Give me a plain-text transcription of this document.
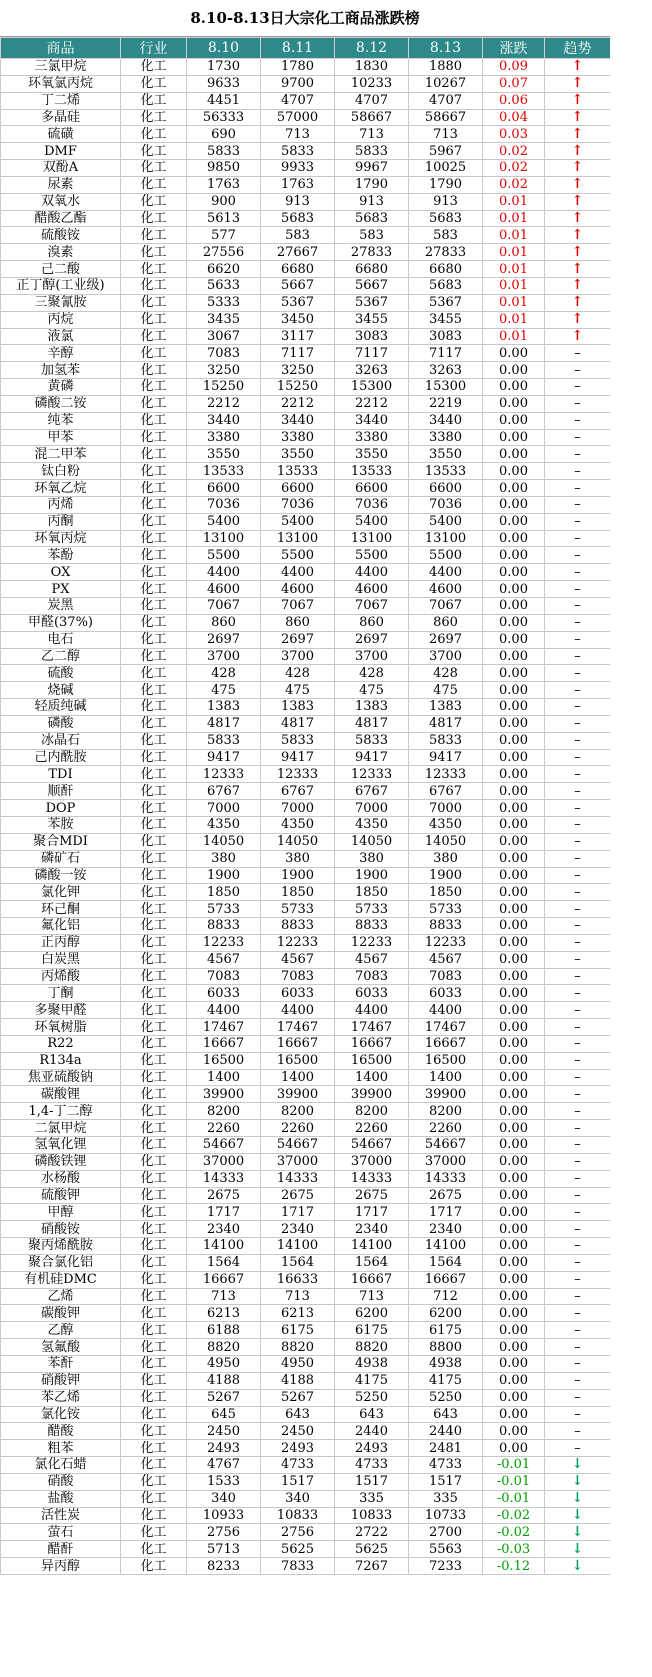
8.10-8.13日大宗化工商品涨跌榜
商品	行业	8.10	8.11	8.12	8.13	涨跌	趋势
三氯甲烷	化工	1730	1780	1830	1880	0.09	↑
环氧氯丙烷	化工	9633	9700	10233	10267	0.07	↑
丁二烯	化工	4451	4707	4707	4707	0.06	↑
多晶硅	化工	56333	57000	58667	58667	0.04	↑
硫磺	化工	690	713	713	713	0.03	↑
DMF	化工	5833	5833	5833	5967	0.02	↑
双酚A	化工	9850	9933	9967	10025	0.02	↑
尿素	化工	1763	1763	1790	1790	0.02	↑
双氧水	化工	900	913	913	913	0.01	↑
醋酸乙酯	化工	5613	5683	5683	5683	0.01	↑
硫酸铵	化工	577	583	583	583	0.01	↑
溴素	化工	27556	27667	27833	27833	0.01	↑
己二酸	化工	6620	6680	6680	6680	0.01	↑
正丁醇(工业级)	化工	5633	5667	5667	5683	0.01	↑
三聚氰胺	化工	5333	5367	5367	5367	0.01	↑
丙烷	化工	3435	3450	3455	3455	0.01	↑
液氯	化工	3067	3117	3083	3083	0.01	↑
辛醇	化工	7083	7117	7117	7117	0.00	–
加氢苯	化工	3250	3250	3263	3263	0.00	–
黄磷	化工	15250	15250	15300	15300	0.00	–
磷酸二铵	化工	2212	2212	2212	2219	0.00	–
纯苯	化工	3440	3440	3440	3440	0.00	–
甲苯	化工	3380	3380	3380	3380	0.00	–
混二甲苯	化工	3550	3550	3550	3550	0.00	–
钛白粉	化工	13533	13533	13533	13533	0.00	–
环氧乙烷	化工	6600	6600	6600	6600	0.00	–
丙烯	化工	7036	7036	7036	7036	0.00	–
丙酮	化工	5400	5400	5400	5400	0.00	–
环氧丙烷	化工	13100	13100	13100	13100	0.00	–
苯酚	化工	5500	5500	5500	5500	0.00	–
OX	化工	4400	4400	4400	4400	0.00	–
PX	化工	4600	4600	4600	4600	0.00	–
炭黑	化工	7067	7067	7067	7067	0.00	–
甲醛(37%)	化工	860	860	860	860	0.00	–
电石	化工	2697	2697	2697	2697	0.00	–
乙二醇	化工	3700	3700	3700	3700	0.00	–
硫酸	化工	428	428	428	428	0.00	–
烧碱	化工	475	475	475	475	0.00	–
轻质纯碱	化工	1383	1383	1383	1383	0.00	–
磷酸	化工	4817	4817	4817	4817	0.00	–
冰晶石	化工	5833	5833	5833	5833	0.00	–
己内酰胺	化工	9417	9417	9417	9417	0.00	–
TDI	化工	12333	12333	12333	12333	0.00	–
顺酐	化工	6767	6767	6767	6767	0.00	–
DOP	化工	7000	7000	7000	7000	0.00	–
苯胺	化工	4350	4350	4350	4350	0.00	–
聚合MDI	化工	14050	14050	14050	14050	0.00	–
磷矿石	化工	380	380	380	380	0.00	–
磷酸一铵	化工	1900	1900	1900	1900	0.00	–
氯化钾	化工	1850	1850	1850	1850	0.00	–
环己酮	化工	5733	5733	5733	5733	0.00	–
氟化铝	化工	8833	8833	8833	8833	0.00	–
正丙醇	化工	12233	12233	12233	12233	0.00	–
白炭黑	化工	4567	4567	4567	4567	0.00	–
丙烯酸	化工	7083	7083	7083	7083	0.00	–
丁酮	化工	6033	6033	6033	6033	0.00	–
多聚甲醛	化工	4400	4400	4400	4400	0.00	–
环氧树脂	化工	17467	17467	17467	17467	0.00	–
R22	化工	16667	16667	16667	16667	0.00	–
R134a	化工	16500	16500	16500	16500	0.00	–
焦亚硫酸钠	化工	1400	1400	1400	1400	0.00	–
碳酸锂	化工	39900	39900	39900	39900	0.00	–
1,4-丁二醇	化工	8200	8200	8200	8200	0.00	–
二氯甲烷	化工	2260	2260	2260	2260	0.00	–
氢氧化锂	化工	54667	54667	54667	54667	0.00	–
磷酸铁锂	化工	37000	37000	37000	37000	0.00	–
水杨酸	化工	14333	14333	14333	14333	0.00	–
硫酸钾	化工	2675	2675	2675	2675	0.00	–
甲醇	化工	1717	1717	1717	1717	0.00	–
硝酸铵	化工	2340	2340	2340	2340	0.00	–
聚丙烯酰胺	化工	14100	14100	14100	14100	0.00	–
聚合氯化铝	化工	1564	1564	1564	1564	0.00	–
有机硅DMC	化工	16667	16633	16667	16667	0.00	–
乙烯	化工	713	713	713	712	0.00	–
碳酸钾	化工	6213	6213	6200	6200	0.00	–
乙醇	化工	6188	6175	6175	6175	0.00	–
氢氟酸	化工	8820	8820	8820	8800	0.00	–
苯酐	化工	4950	4950	4938	4938	0.00	–
硝酸钾	化工	4188	4188	4175	4175	0.00	–
苯乙烯	化工	5267	5267	5250	5250	0.00	–
氯化铵	化工	645	643	643	643	0.00	–
醋酸	化工	2450	2450	2440	2440	0.00	–
粗苯	化工	2493	2493	2493	2481	0.00	–
氯化石蜡	化工	4767	4733	4733	4733	-0.01	↓
硝酸	化工	1533	1517	1517	1517	-0.01	↓
盐酸	化工	340	340	335	335	-0.01	↓
活性炭	化工	10933	10833	10833	10733	-0.02	↓
萤石	化工	2756	2756	2722	2700	-0.02	↓
醋酐	化工	5713	5625	5625	5563	-0.03	↓
异丙醇	化工	8233	7833	7267	7233	-0.12	↓
